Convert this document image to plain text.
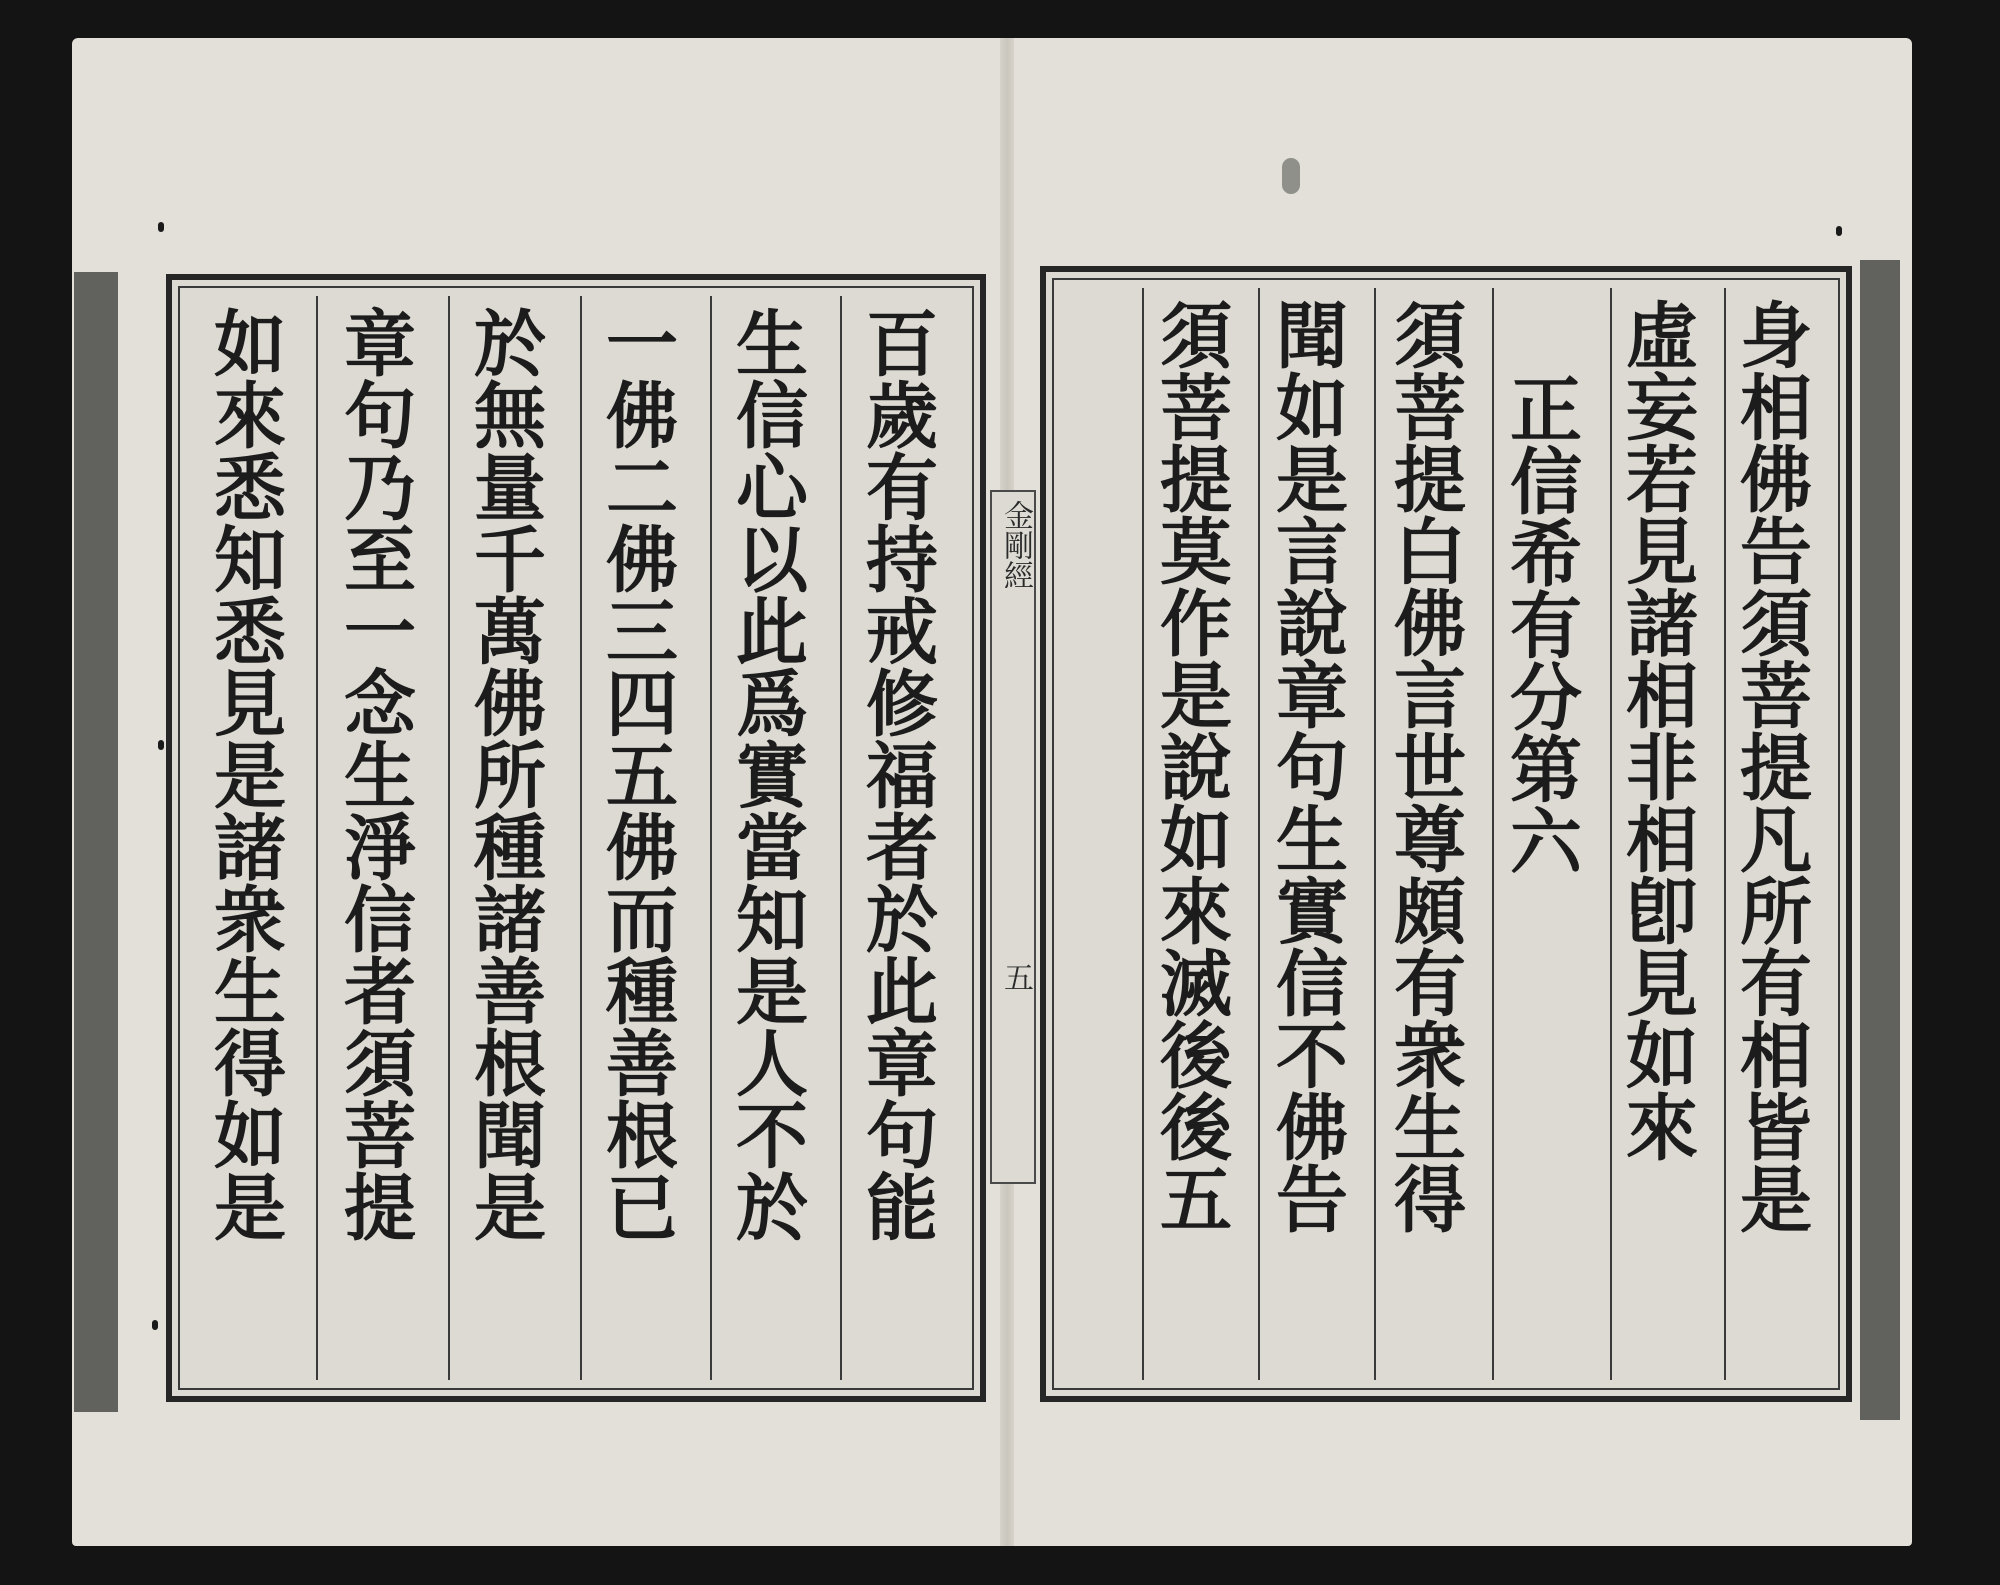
百歲有持戒修福者於此章句能
生信心以此爲實當知是人不於
一佛二佛三四五佛而種善根已
於無量千萬佛所種諸善根聞是
章句乃至一念生淨信者須菩提
如來悉知悉見是諸衆生得如是	金剛經
五	身相佛告須菩提凡所有相皆是
虛妄若見諸相非相卽見如來
正信希有分第六
須菩提白佛言世尊頗有衆生得
聞如是言說章句生實信不佛告
須菩提莫作是說如來滅後後五
